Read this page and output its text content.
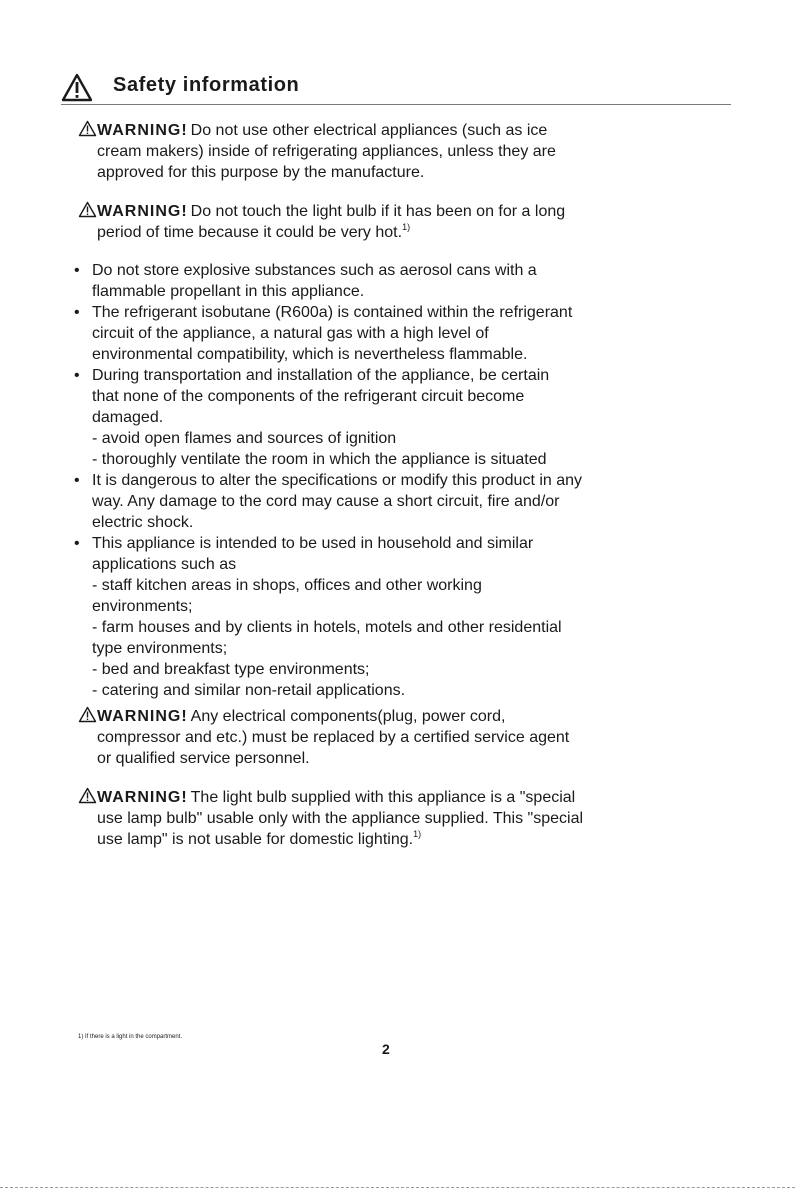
Safety information
WARNING! Do not use other electrical appliances (such as ice
cream makers) inside of refrigerating appliances, unless they are
approved for this purpose by the manufacture.
WARNING! Do not touch the light bulb if it has been on for a long
period of time because it could be very hot.$^{1)}$
• Do not store explosive substances such as aerosol cans with a
flammable propellant in this appliance.
• The refrigerant isobutane (R600a) is contained within the refrigerant
circuit of the appliance, a natural gas with a high level of
environmental compatibility, which is nevertheless flammable.
• During transportation and installation of the appliance, be certain
that none of the components of the refrigerant circuit become
damaged.
- avoid open flames and sources of ignition
- thoroughly ventilate the room in which the appliance is situated
• It is dangerous to alter the specifications or modify this product in any
way. Any damage to the cord may cause a short circuit, fire and/or
electric shock.
• This appliance is intended to be used in household and similar
applications such as
- staff kitchen areas in shops, offices and other working
environments;
- farm houses and by clients in hotels, motels and other residential
type environments;
- bed and breakfast type environments;
- catering and similar non-retail applications.
WARNING! Any electrical components(plug, power cord,
compressor and etc.) must be replaced by a certified service agent
or qualified service personnel.
WARNING! The light bulb supplied with this appliance is a "special
use lamp bulb" usable only with the appliance supplied. This "special
use lamp" is not usable for domestic lighting.$^{1)}$
1) If there is a light in the compartment.
2
